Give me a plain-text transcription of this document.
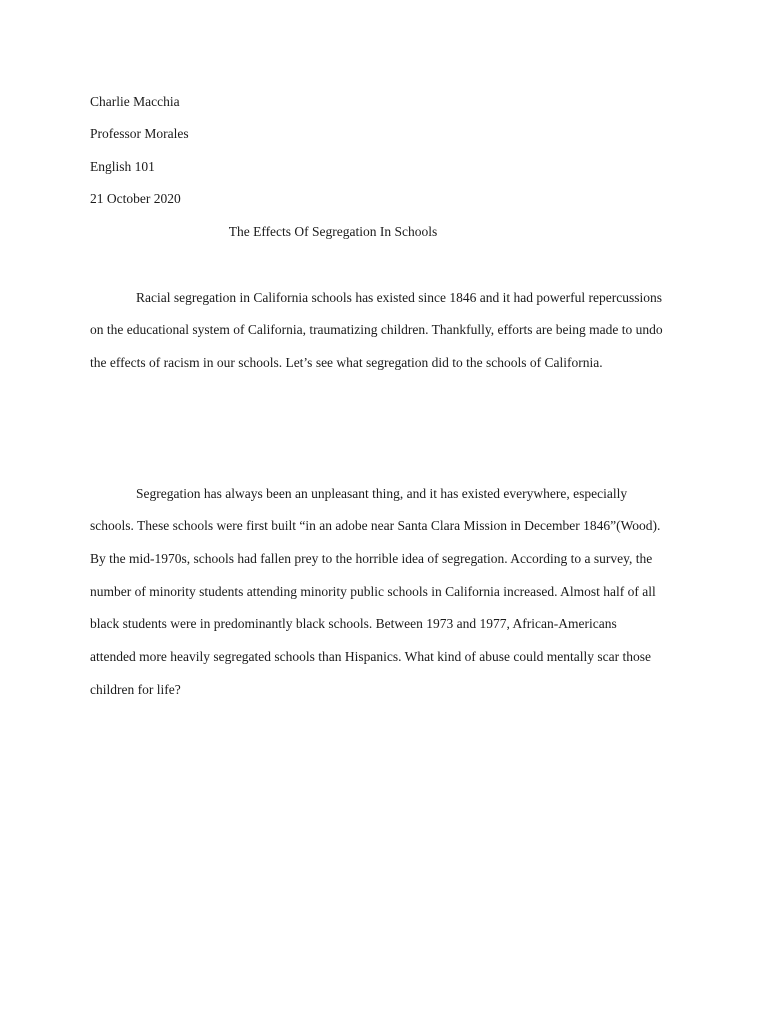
Charlie Macchia
Professor Morales
English 101
21 October 2020
The Effects Of Segregation In Schools
Racial segregation in California schools has existed since 1846 and it had powerful repercussions
on the educational system of California, traumatizing children. Thankfully, efforts are being made to undo
the effects of racism in our schools. Let’s see what segregation did to the schools of California.
Segregation has always been an unpleasant thing, and it has existed everywhere, especially
schools. These schools were first built “in an adobe near Santa Clara Mission in December 1846”(Wood).
By the mid-1970s, schools had fallen prey to the horrible idea of segregation. According to a survey, the
number of minority students attending minority public schools in California increased. Almost half of all
black students were in predominantly black schools. Between 1973 and 1977, African-Americans
attended more heavily segregated schools than Hispanics. What kind of abuse could mentally scar those
children for life?
